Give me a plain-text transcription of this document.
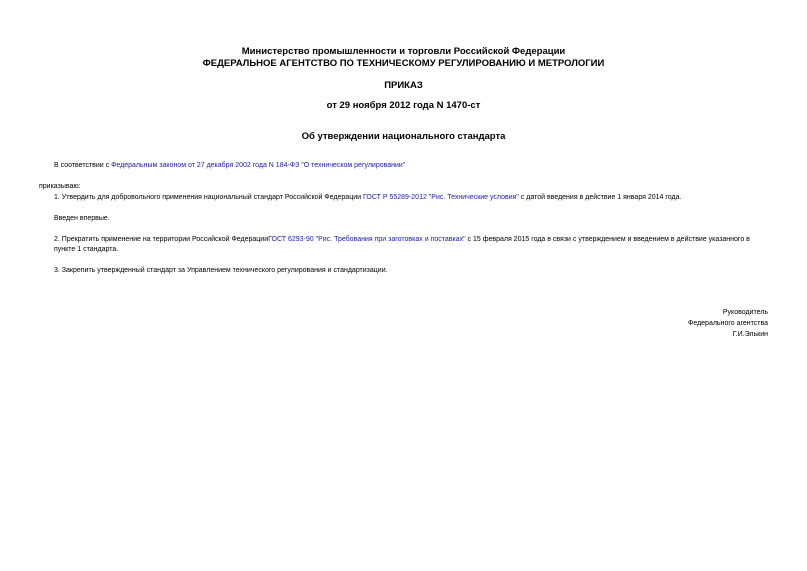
Министерство промышленности и торговли Российской Федерации
ФЕДЕРАЛЬНОЕ АГЕНТСТВО ПО ТЕХНИЧЕСКОМУ РЕГУЛИРОВАНИЮ И МЕТРОЛОГИИ
ПРИКАЗ
от 29 ноября 2012 года N 1470-ст
Об утверждении национального стандарта
В соответствии с Федеральным законом от 27 декабря 2002 года N 184-ФЗ "О техническом регулировании"
приказываю:
1. Утвердить для добровольного применения национальный стандарт Российской Федерации ГОСТ Р 55289-2012 "Рис. Технические условия" с датой введения в действие 1 января 2014 года.
Введен впервые.
2. Прекратить применение на территории Российской ФедерацииГОСТ 6293-90 "Рис. Требования при заготовках и поставках" с 15 февраля 2015 года в связи с утверждением и введением в действие указанного в пункте 1 стандарта.
3. Закрепить утвержденный стандарт за Управлением технического регулирования и стандартизации.
Руководитель
Федерального агентства
Г.И.Элькин
